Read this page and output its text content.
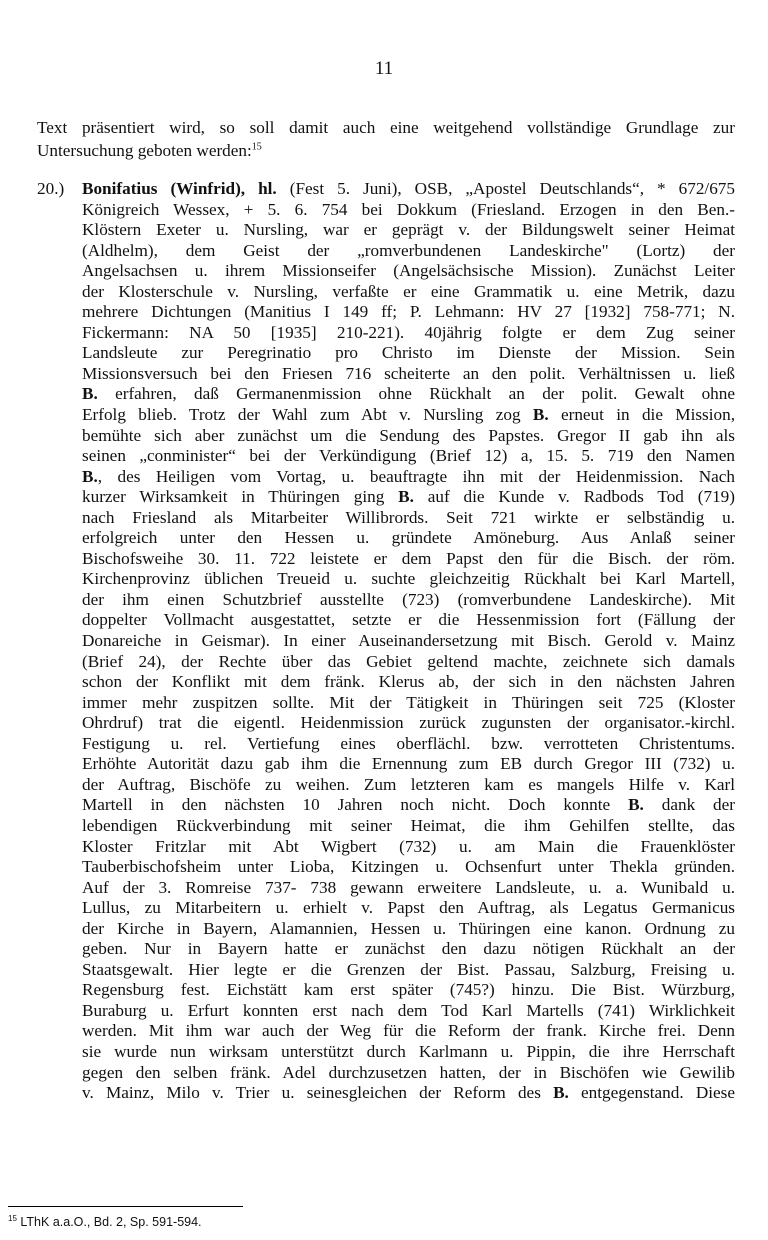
11
Text präsentiert wird, so soll damit auch eine weitgehend vollständige Grundlage zur
Untersuchung geboten werden:$^{15}$
20.) Bonifatius (Winfrid), hl. (Fest 5. Juni), OSB, „Apostel Deutschlands“, * 672/675
Königreich Wessex, + 5. 6. 754 bei Dokkum (Friesland. Erzogen in den Ben.-
Klöstern Exeter u. Nursling, war er geprägt v. der Bildungswelt seiner Heimat
(Aldhelm), dem Geist der „romverbundenen Landeskirche" (Lortz) der
Angelsachsen u. ihrem Missionseifer (Angelsächsische Mission). Zunächst Leiter
der Klosterschule v. Nursling, verfaßte er eine Grammatik u. eine Metrik, dazu
mehrere Dichtungen (Manitius I 149 ff; P. Lehmann: HV 27 [1932] 758-771; N.
Fickermann: NA 50 [1935] 210-221). 40jährig folgte er dem Zug seiner
Landsleute zur Peregrinatio pro Christo im Dienste der Mission. Sein
Missionsversuch bei den Friesen 716 scheiterte an den polit. Verhältnissen u. ließ
B. erfahren, daß Germanenmission ohne Rückhalt an der polit. Gewalt ohne
Erfolg blieb. Trotz der Wahl zum Abt v. Nursling zog B. erneut in die Mission,
bemühte sich aber zunächst um die Sendung des Papstes. Gregor II gab ihn als
seinen „conminister“ bei der Verkündigung (Brief 12) a, 15. 5. 719 den Namen
B., des Heiligen vom Vortag, u. beauftragte ihn mit der Heidenmission. Nach
kurzer Wirksamkeit in Thüringen ging B. auf die Kunde v. Radbods Tod (719)
nach Friesland als Mitarbeiter Willibrords. Seit 721 wirkte er selbständig u.
erfolgreich unter den Hessen u. gründete Amöneburg. Aus Anlaß seiner
Bischofsweihe 30. 11. 722 leistete er dem Papst den für die Bisch. der röm.
Kirchenprovinz üblichen Treueid u. suchte gleichzeitig Rückhalt bei Karl Martell,
der ihm einen Schutzbrief ausstellte (723) (romverbundene Landeskirche). Mit
doppelter Vollmacht ausgestattet, setzte er die Hessenmission fort (Fällung der
Donareiche in Geismar). In einer Auseinandersetzung mit Bisch. Gerold v. Mainz
(Brief 24), der Rechte über das Gebiet geltend machte, zeichnete sich damals
schon der Konflikt mit dem fränk. Klerus ab, der sich in den nächsten Jahren
immer mehr zuspitzen sollte. Mit der Tätigkeit in Thüringen seit 725 (Kloster
Ohrdruf) trat die eigentl. Heidenmission zurück zugunsten der organisator.-kirchl.
Festigung u. rel. Vertiefung eines oberflächl. bzw. verrotteten Christentums.
Erhöhte Autorität dazu gab ihm die Ernennung zum EB durch Gregor III (732) u.
der Auftrag, Bischöfe zu weihen. Zum letzteren kam es mangels Hilfe v. Karl
Martell in den nächsten 10 Jahren noch nicht. Doch konnte B. dank der
lebendigen Rückverbindung mit seiner Heimat, die ihm Gehilfen stellte, das
Kloster Fritzlar mit Abt Wigbert (732) u. am Main die Frauenklöster
Tauberbischofsheim unter Lioba, Kitzingen u. Ochsenfurt unter Thekla gründen.
Auf der 3. Romreise 737- 738 gewann erweitere Landsleute, u. a. Wunibald u.
Lullus, zu Mitarbeitern u. erhielt v. Papst den Auftrag, als Legatus Germanicus
der Kirche in Bayern, Alamannien, Hessen u. Thüringen eine kanon. Ordnung zu
geben. Nur in Bayern hatte er zunächst den dazu nötigen Rückhalt an der
Staatsgewalt. Hier legte er die Grenzen der Bist. Passau, Salzburg, Freising u.
Regensburg fest. Eichstätt kam erst später (745?) hinzu. Die Bist. Würzburg,
Buraburg u. Erfurt konnten erst nach dem Tod Karl Martells (741) Wirklichkeit
werden. Mit ihm war auch der Weg für die Reform der frank. Kirche frei. Denn
sie wurde nun wirksam unterstützt durch Karlmann u. Pippin, die ihre Herrschaft
gegen den selben fränk. Adel durchzusetzen hatten, der in Bischöfen wie Gewilib
v. Mainz, Milo v. Trier u. seinesgleichen der Reform des B. entgegenstand. Diese
$^{15}$ LThK a.a.O., Bd. 2, Sp. 591-594.
